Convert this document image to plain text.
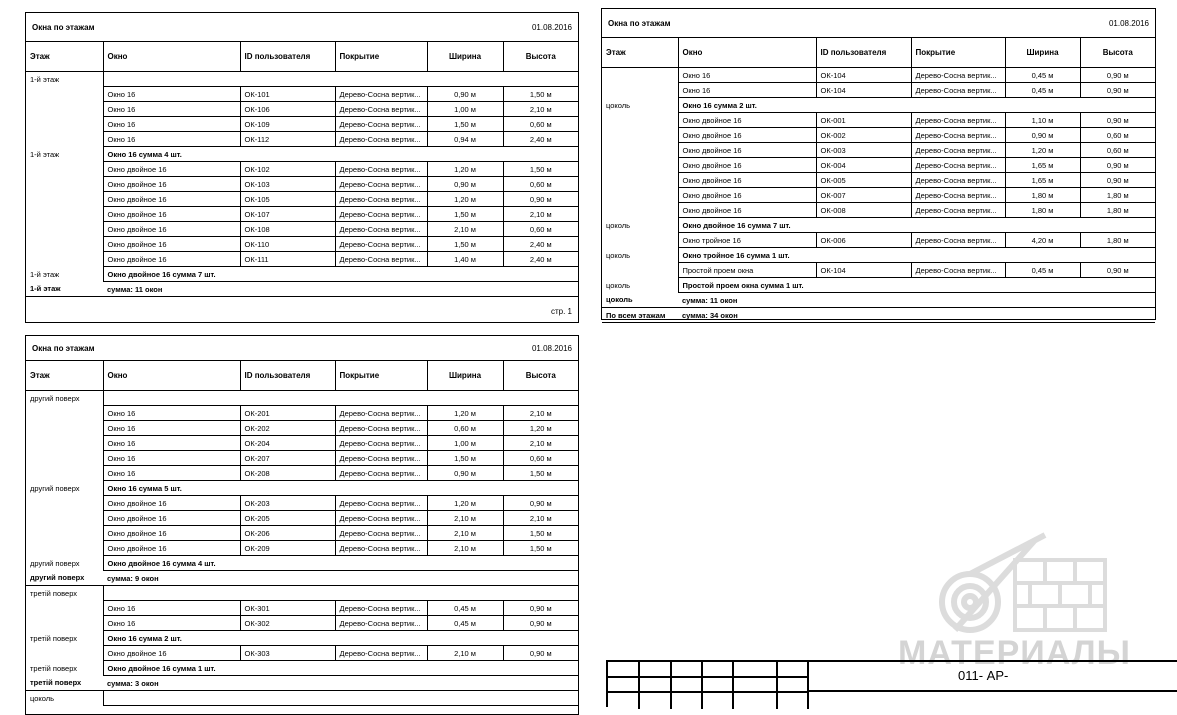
Окна по этажам	01.08.2016
Этаж	Окно	ID пользователя	Покрытие	Ширина	Высота
1-й этаж					
	Окно 16	ОК-101	Дерево-Сосна вертик...	0,90 м	1,50 м
	Окно 16	ОК-106	Дерево-Сосна вертик...	1,00 м	2,10 м
	Окно 16	ОК-109	Дерево-Сосна вертик...	1,50 м	0,60 м
	Окно 16	ОК-112	Дерево-Сосна вертик...	0,94 м	2,40 м
1-й этаж	Окно 16 сумма 4 шт.				
	Окно двойное 16	ОК-102	Дерево-Сосна вертик...	1,20 м	1,50 м
	Окно двойное 16	ОК-103	Дерево-Сосна вертик...	0,90 м	0,60 м
	Окно двойное 16	ОК-105	Дерево-Сосна вертик...	1,20 м	0,90 м
	Окно двойное 16	ОК-107	Дерево-Сосна вертик...	1,50 м	2,10 м
	Окно двойное 16	ОК-108	Дерево-Сосна вертик...	2,10 м	0,60 м
	Окно двойное 16	ОК-110	Дерево-Сосна вертик...	1,50 м	2,40 м
	Окно двойное 16	ОК-111	Дерево-Сосна вертик...	1,40 м	2,40 м
1-й этаж	Окно двойное 16 сумма 7 шт.				
1-й этаж	сумма: 11 окон				
стр. 1
Окна по этажам	01.08.2016
Этаж	Окно	ID пользователя	Покрытие	Ширина	Высота
другий поверх					
	Окно 16	ОК-201	Дерево-Сосна вертик...	1,20 м	2,10 м
	Окно 16	ОК-202	Дерево-Сосна вертик...	0,60 м	1,20 м
	Окно 16	ОК-204	Дерево-Сосна вертик...	1,00 м	2,10 м
	Окно 16	ОК-207	Дерево-Сосна вертик...	1,50 м	0,60 м
	Окно 16	ОК-208	Дерево-Сосна вертик...	0,90 м	1,50 м
другий поверх	Окно 16 сумма 5 шт.				
	Окно двойное 16	ОК-203	Дерево-Сосна вертик...	1,20 м	0,90 м
	Окно двойное 16	ОК-205	Дерево-Сосна вертик...	2,10 м	2,10 м
	Окно двойное 16	ОК-206	Дерево-Сосна вертик...	2,10 м	1,50 м
	Окно двойное 16	ОК-209	Дерево-Сосна вертик...	2,10 м	1,50 м
другий поверх	Окно двойное 16 сумма 4 шт.				
другий поверх	сумма: 9 окон				
третій поверх					
	Окно 16	ОК-301	Дерево-Сосна вертик...	0,45 м	0,90 м
	Окно 16	ОК-302	Дерево-Сосна вертик...	0,45 м	0,90 м
третій поверх	Окно 16 сумма 2 шт.				
	Окно двойное 16	ОК-303	Дерево-Сосна вертик...	2,10 м	0,90 м
третій поверх	Окно двойное 16 сумма 1 шт.				
третій поверх	сумма: 3 окон				
цоколь					
Окна по этажам	01.08.2016
Этаж	Окно	ID пользователя	Покрытие	Ширина	Высота
	Окно 16	ОК-104	Дерево-Сосна вертик...	0,45 м	0,90 м
	Окно 16	ОК-104	Дерево-Сосна вертик...	0,45 м	0,90 м
цоколь	Окно 16 сумма 2 шт.				
	Окно двойное 16	ОК-001	Дерево-Сосна вертик...	1,10 м	0,90 м
	Окно двойное 16	ОК-002	Дерево-Сосна вертик...	0,90 м	0,60 м
	Окно двойное 16	ОК-003	Дерево-Сосна вертик...	1,20 м	0,60 м
	Окно двойное 16	ОК-004	Дерево-Сосна вертик...	1,65 м	0,90 м
	Окно двойное 16	ОК-005	Дерево-Сосна вертик...	1,65 м	0,90 м
	Окно двойное 16	ОК-007	Дерево-Сосна вертик...	1,80 м	1,80 м
	Окно двойное 16	ОК-008	Дерево-Сосна вертик...	1,80 м	1,80 м
цоколь	Окно двойное 16 сумма 7 шт.				
	Окно тройное 16	ОК-006	Дерево-Сосна вертик...	4,20 м	1,80 м
цоколь	Окно тройное 16 сумма 1 шт.				
	Простой проем окна	ОК-104	Дерево-Сосна вертик...	0,45 м	0,90 м
цоколь	Простой проем окна сумма 1 шт.				
цоколь	сумма: 11 окон				
По всем этажам	сумма: 34 окон				
МАТЕРИАЛЫ
011- АР-
